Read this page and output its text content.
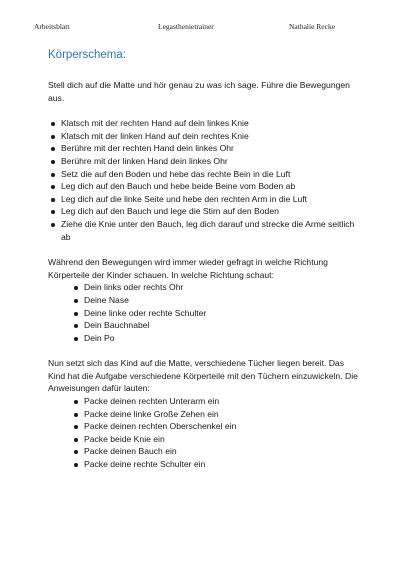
Arbeitsblatt	Legasthenietrainer	Nathalie Recke
Körperschema:

Stell dich auf die Matte und hör genau zu was ich sage. Führe die Bewegungen aus.

Klatsch mit der rechten Hand auf dein linkes Knie
Klatsch mit der linken Hand auf dein rechtes Knie
Berühre mit der rechten Hand dein linkes Ohr
Berühre mit der linken Hand dein linkes Ohr
Setz die auf den Boden und hebe das rechte Bein in die Luft
Leg dich auf den Bauch und hebe beide Beine vom Boden ab
Leg dich auf die linke Seite und hebe den rechten Arm in die Luft
Leg dich auf den Bauch und lege die Stirn auf den Boden
Ziehe die Knie unter den Bauch, leg dich darauf und strecke die Arme seitlich ab

Während den Bewegungen wird immer wieder gefragt in welche Richtung Körperteile der Kinder schauen. In welche Richtung schaut:

Dein links oder rechts Ohr
Deine Nase
Deine linke oder rechte Schulter
Dein Bauchnabel
Dein Po

Nun setzt sich das Kind auf die Matte, verschiedene Tücher liegen bereit. Das Kind hat die Aufgabe verschiedene Körperteile mit den Tüchern einzuwickeln. Die Anweisungen dafür lauten:

Packe deinen rechten Unterarm ein
Packe deine linke Große Zehen ein
Packe deinen rechten Oberschenkel ein
Packe beide Knie ein
Packe deinen Bauch ein
Packe deine rechte Schulter ein
